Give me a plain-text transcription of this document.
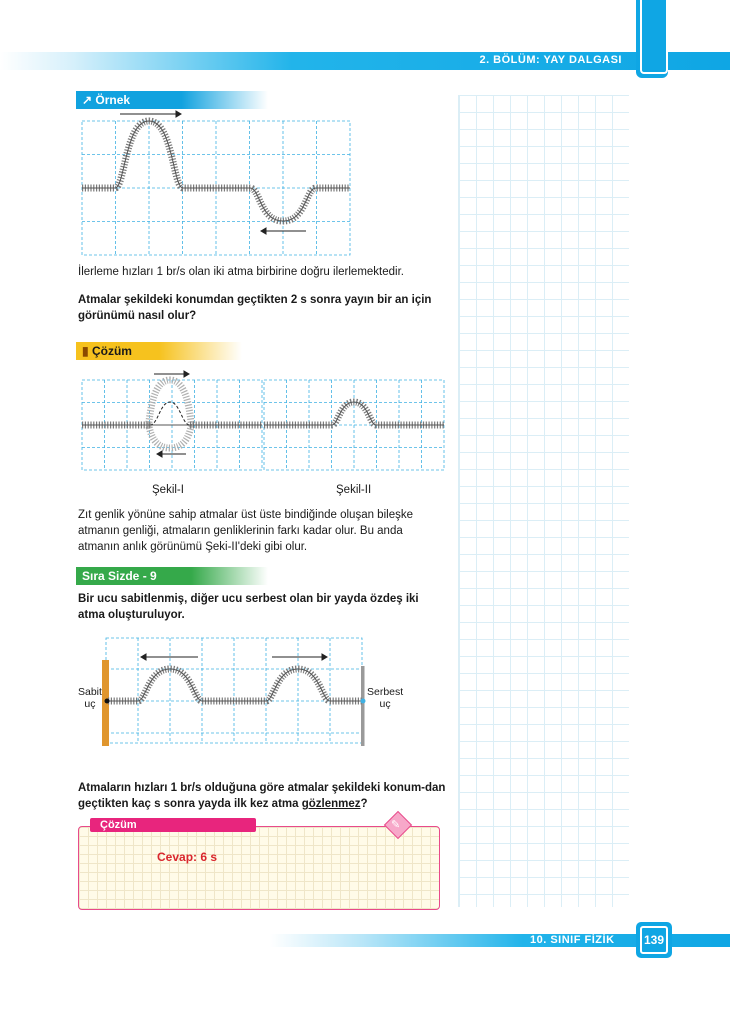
2. BÖLÜM: YAY DALGASI
↗︎ Örnek
İlerleme hızları 1 br/s olan iki atma birbirine doğru ilerlemektedir.
Atmalar şekildeki konumdan geçtikten 2 s sonra yayın bir an için görünümü nasıl olur?
▮ Çözüm
Şekil-I	Şekil-II
Zıt genlik yönüne sahip atmalar üst üste bindiğinde oluşan bileşke atmanın genliği, atmaların genliklerinin farkı kadar olur. Bu anda atmanın anlık görünümü Şeki-II'deki gibi olur.
Sıra Sizde - 9
Bir ucu sabitlenmiş, diğer ucu serbest olan bir yayda özdeş iki atma oluşturuluyor.
Sabit
uç
Serbest
uç
Atmaların hızları 1 br/s olduğuna göre atmalar şekildeki konum-dan geçtikten kaç s sonra yayda ilk kez atma gözlenmez?
Çözüm	✎
Cevap: 6 s
10. SINIF FİZİK	139
